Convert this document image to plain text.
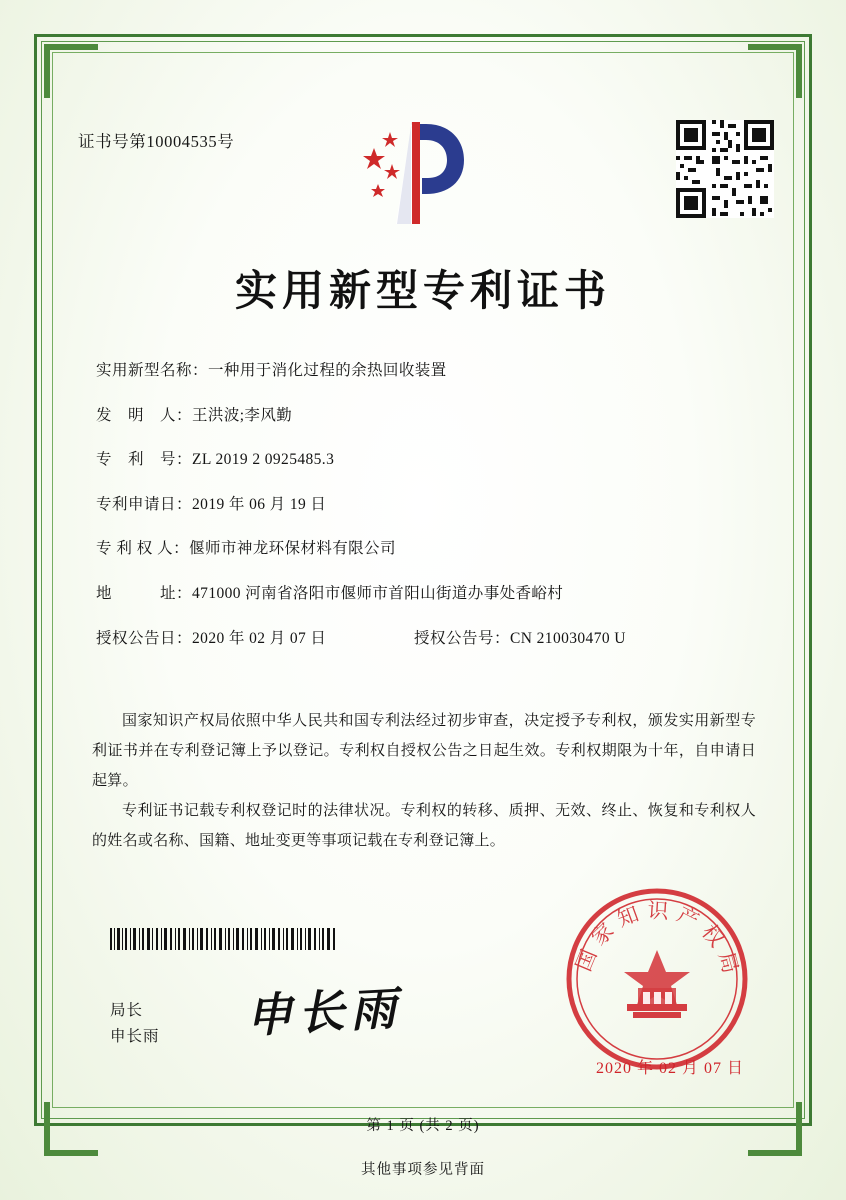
证书号第10004535号
实用新型专利证书
实用新型名称： 一种用于消化过程的余热回收装置
发　明　人： 王洪波;李风勤
专　利　号： ZL 2019 2 0925485.3
专利申请日： 2019 年 06 月 19 日
专 利 权 人： 偃师市神龙环保材料有限公司
地　　　址： 471000 河南省洛阳市偃师市首阳山街道办事处香峪村
授权公告日： 2020 年 02 月 07 日	授权公告号： CN 210030470 U
国家知识产权局依照中华人民共和国专利法经过初步审查，决定授予专利权，颁发实用新型专利证书并在专利登记簿上予以登记。专利权自授权公告之日起生效。专利权期限为十年，自申请日起算。
专利证书记载专利权登记时的法律状况。专利权的转移、质押、无效、终止、恢复和专利权人的姓名或名称、国籍、地址变更等事项记载在专利登记簿上。
局长
申长雨 申长雨
国家知识产权局
2020 年 02 月 07 日
第 1 页 (共 2 页)
其他事项参见背面
